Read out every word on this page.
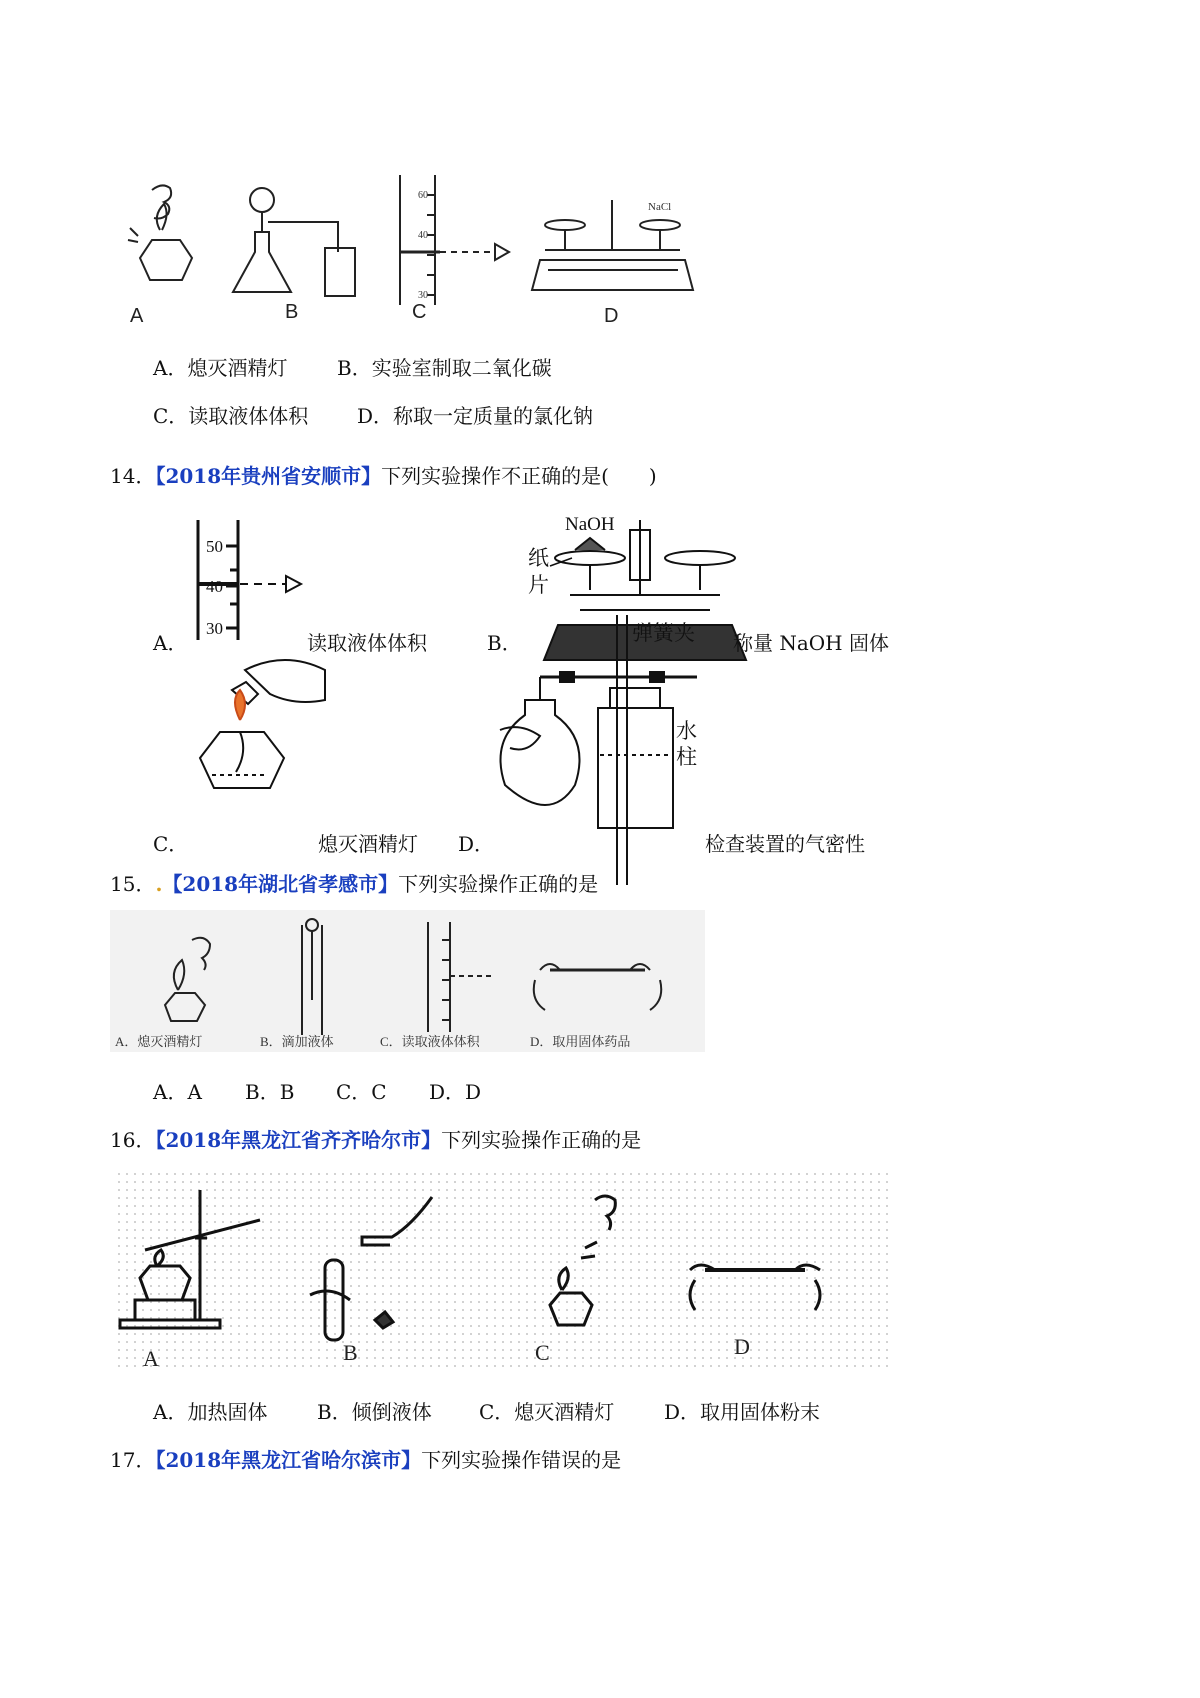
A	B
60
40
30
C
NaCl
D
A．熄灭酒精灯 B．实验室制取二氧化碳
C．读取液体体积 D．称取一定质量的氯化钠
14．【2018年贵州省安顺市】下列实验操作不正确的是(　　)
50
40
30
NaOH
纸
片
弹簧夹
水
柱
A．	读取液体体积	B．	称量 NaOH 固体
C．	熄灭酒精灯 D．	检查装置的气密性
15．.【2018年湖北省孝感市】下列实验操作正确的是
A．熄灭酒精灯	B．滴加液体	C．读取液体体积	D．取用固体药品
A．A B．B C．C D．D
16．【2018年黑龙江省齐齐哈尔市】下列实验操作正确的是
A	B	C	D
A．加热固体 B．倾倒液体 C．熄灭酒精灯 D．取用固体粉末
17．【2018年黑龙江省哈尔滨市】下列实验操作错误的是
